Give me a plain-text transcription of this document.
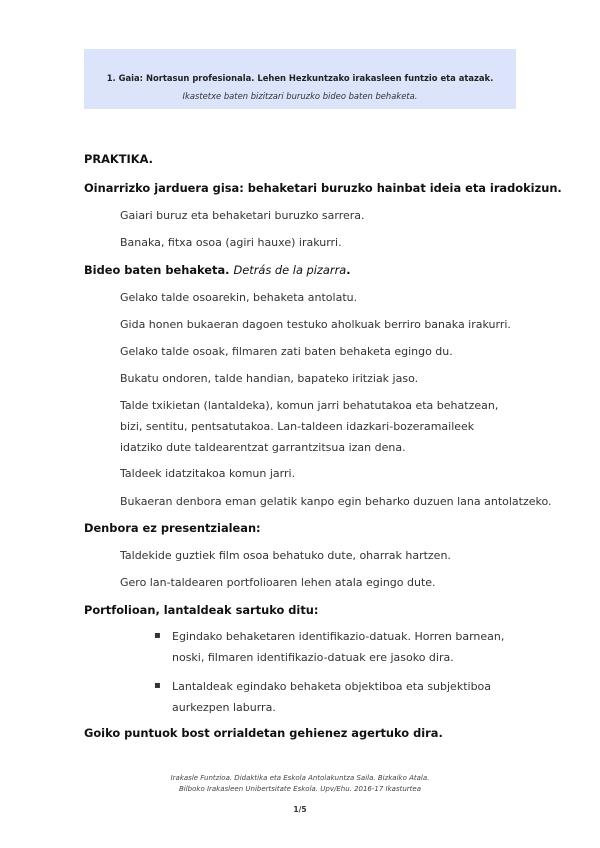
1. Gaia: Nortasun profesionala. Lehen Hezkuntzako irakasleen funtzio eta atazak.
Ikastetxe baten bizitzari buruzko bideo baten behaketa.
PRAKTIKA.
Oinarrizko jarduera gisa: behaketari buruzko hainbat ideia eta iradokizun.
Gaiari buruz eta behaketari buruzko sarrera.
Banaka, fitxa osoa (agiri hauxe) irakurri.
Bideo baten behaketa. Detrás de la pizarra.
Gelako talde osoarekin, behaketa antolatu.
Gida honen bukaeran dagoen testuko aholkuak berriro banaka irakurri.
Gelako talde osoak, filmaren zati baten behaketa egingo du.
Bukatu ondoren, talde handian, bapateko iritziak jaso.
Talde txikietan (lantaldeka), komun jarri behatutakoa eta behatzean, bizi, sentitu, pentsatutakoa. Lan-taldeen idazkari-bozeramaileek idatziko dute taldearentzat garrantzitsua izan dena.
Taldeek idatzitakoa komun jarri.
Bukaeran denbora eman gelatik kanpo egin beharko duzuen lana antolatzeko.
Denbora ez presentzialean:
Taldekide guztiek film osoa behatuko dute, oharrak hartzen.
Gero lan-taldearen portfolioaren lehen atala egingo dute.
Portfolioan, lantaldeak sartuko ditu:
▪ Egindako behaketaren identifikazio-datuak. Horren barnean, noski, filmaren identifikazio-datuak ere jasoko dira.
▪ Lantaldeak egindako behaketa objektiboa eta subjektiboa aurkezpen laburra.
Goiko puntuok bost orrialdetan gehienez agertuko dira.
Irakasle Funtzioa. Didaktika eta Eskola Antolakuntza Saila. Bizkaiko Atala.
Bilboko Irakasleen Unibertsitate Eskola. Upv/Ehu. 2016-17 Ikasturtea
1/5
